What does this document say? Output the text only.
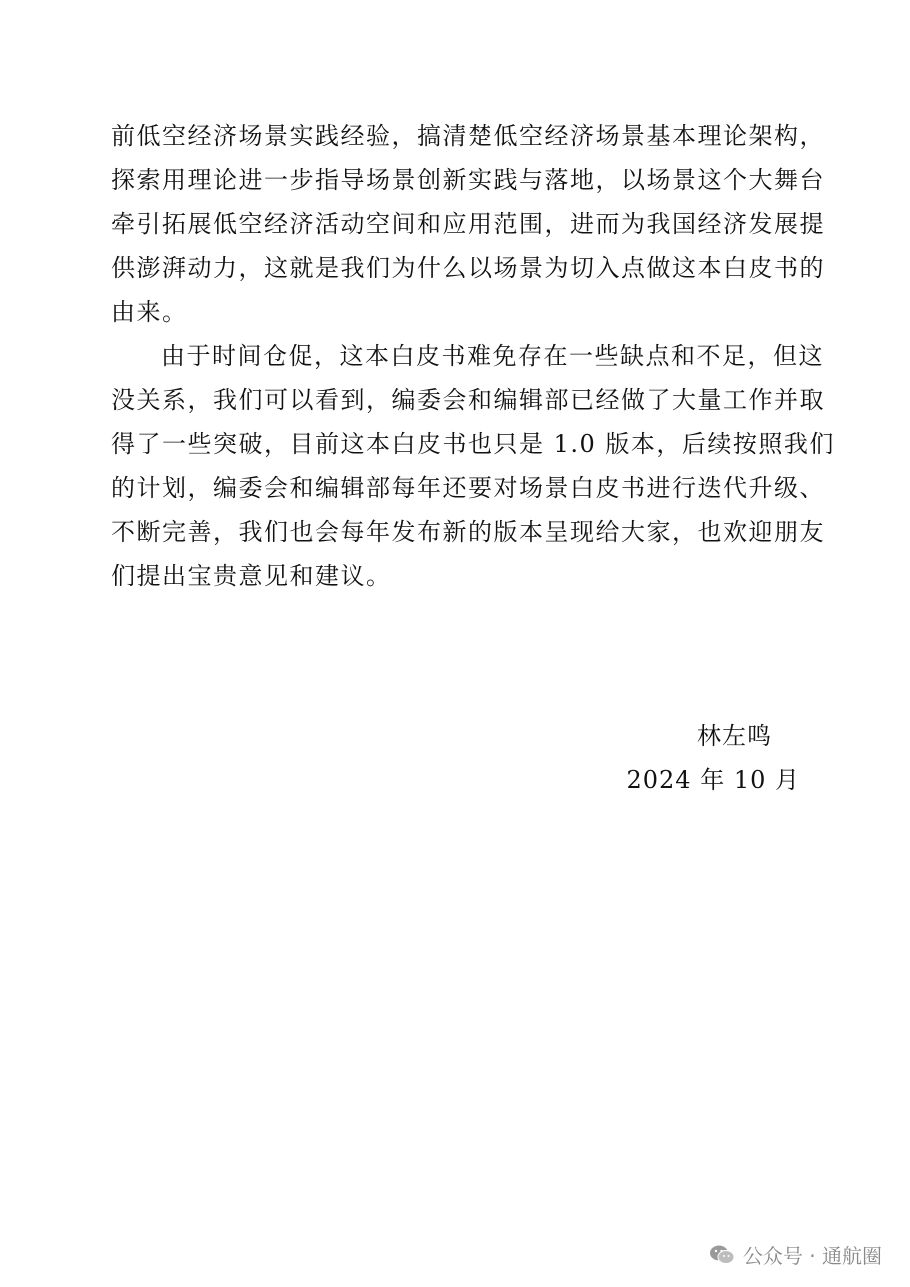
前低空经济场景实践经验，搞清楚低空经济场景基本理论架构，
探索用理论进一步指导场景创新实践与落地，以场景这个大舞台
牵引拓展低空经济活动空间和应用范围，进而为我国经济发展提
供澎湃动力，这就是我们为什么以场景为切入点做这本白皮书的
由来。
由于时间仓促，这本白皮书难免存在一些缺点和不足，但这
没关系，我们可以看到，编委会和编辑部已经做了大量工作并取
得了一些突破，目前这本白皮书也只是 1.0 版本，后续按照我们
的计划，编委会和编辑部每年还要对场景白皮书进行迭代升级、
不断完善，我们也会每年发布新的版本呈现给大家，也欢迎朋友
们提出宝贵意见和建议。
林左鸣
2024 年 10 月
公众号 · 通航圈
